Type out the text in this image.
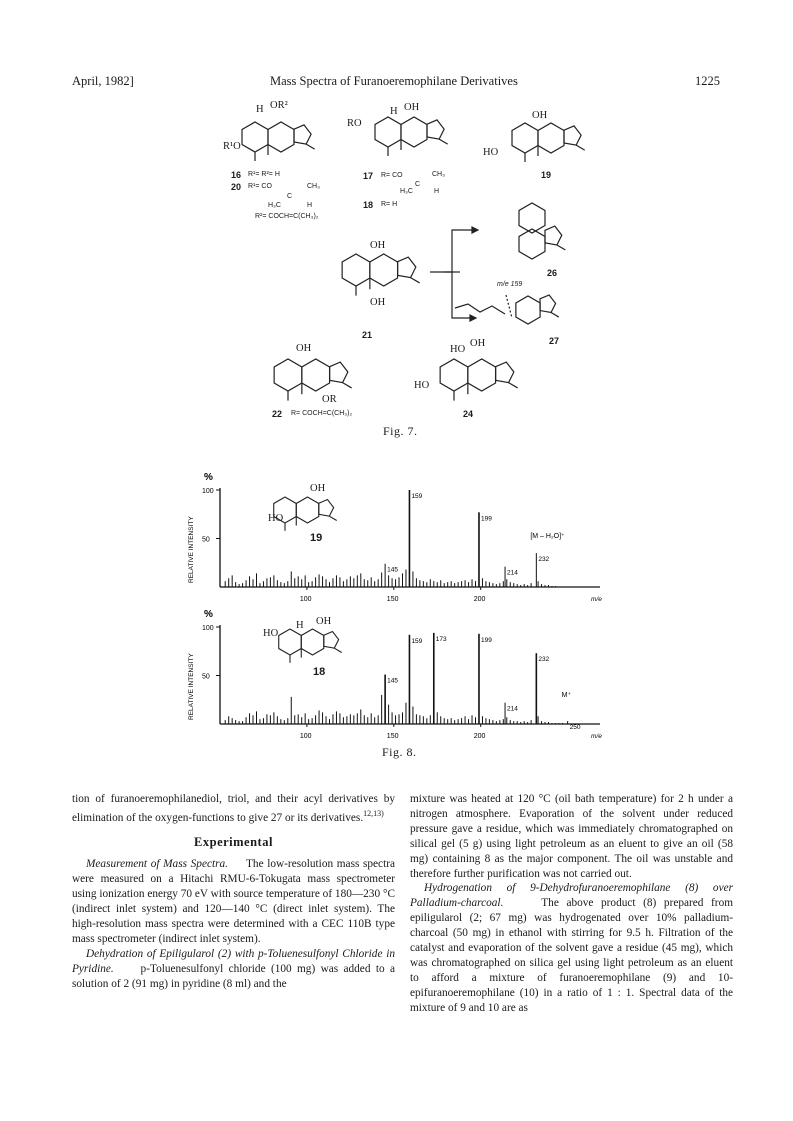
April, 1982]	Mass Spectra of Furanoeremophilane Derivatives	1225
H OR²
R¹O
16 R¹= R²= H
20 R¹= CO	CH₃
C
H₃C	H
R²= COCH=C(CH₃)₂
RO
H OH
17 R= CO	CH₃
C
H₃C	H
18 R= H
OH
HO
19
26
OH
OH
21
m/e 159
27
OH
OR
22 R= COCH=C(CH₃)₂
HO
OH
HO
24
Fig. 7.
50
100
%
RELATIVE INTENSITY
100	150	200	m/e
145
159
199
214
232
[M – H₂O]⁺
50
100
%
RELATIVE INTENSITY
100	150	200	m/e
145
159 173	199
214
232
250
M⁺
OH
HO
19
H OH
HO
18
Fig. 8.

tion of furanoeremophilanediol, triol, and their acyl derivatives by elimination of the oxygen-functions to give 27 or its derivatives.$^{12,13)}$

Experimental

Measurement of Mass Spectra. The low-resolution mass spectra were measured on a Hitachi RMU-6-Tokugata mass spectrometer using ionization energy 70 eV with source temperature of 180—230 °C (indirect inlet system) and 120—140 °C (direct inlet system). The high-resolution mass spectra were determined with a CEC 110B type mass spectrometer (indirect inlet system).

Dehydration of Epiligularol (2) with p-Toluenesulfonyl Chloride in Pyridine. p-Toluenesulfonyl chloride (100 mg) was added to a solution of 2 (91 mg) in pyridine (8 ml) and the

mixture was heated at 120 °C (oil bath temperature) for 2 h under a nitrogen atmosphere. Evaporation of the solvent under reduced pressure gave a residue, which was immediately chromatographed on silical gel (5 g) using light petroleum as an eluent to give an oil (58 mg) containing 8 as the major component. The oil was unstable and therefore further purification was not carried out.

Hydrogenation of 9-Dehydrofuranoeremophilane (8) over Palladium-charcoal.	The above product (8) prepared from epiligularol (2; 67 mg) was hydrogenated over 10% palladium-charcoal (50 mg) in ethanol with stirring for 9.5 h. Filtration of the catalyst and evaporation of the solvent gave a residue (45 mg), which was chromatographed on silica gel using light petroleum as an eluent to afford a mixture of furanoeremophilane (9) and 10-epifuranoeremophilane (10) in a ratio of 1 : 1. Spectral data of the mixture of 9 and 10 are as
